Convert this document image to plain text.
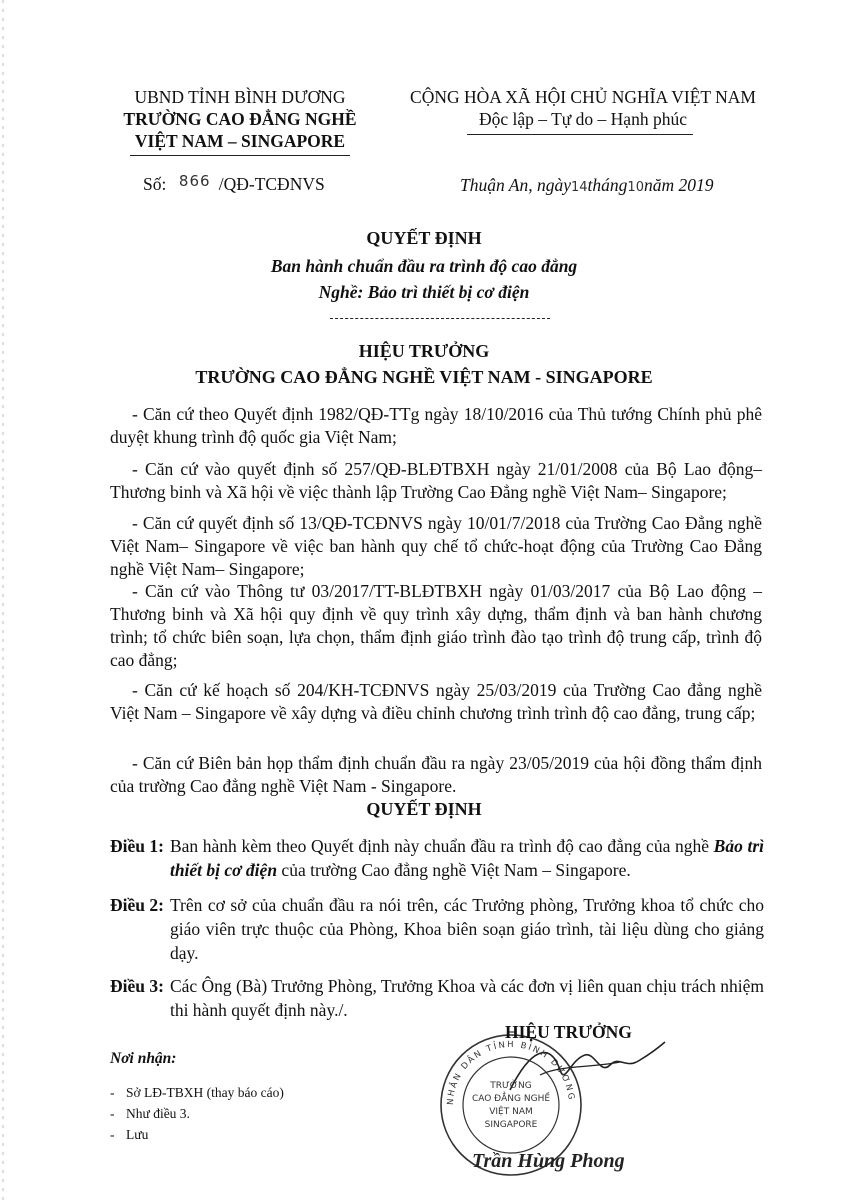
UBND TỈNH BÌNH DƯƠNG
TRƯỜNG CAO ĐẲNG NGHỀ
VIỆT NAM – SINGAPORE
CỘNG HÒA XÃ HỘI CHỦ NGHĨA VIỆT NAM
Độc lập – Tự do – Hạnh phúc
Số: 866 /QĐ-TCĐNVS	Thuận An, ngày14tháng10năm 2019
QUYẾT ĐỊNH
Ban hành chuẩn đầu ra trình độ cao đẳng
Nghề: Bảo trì thiết bị cơ điện
HIỆU TRƯỞNG
TRƯỜNG CAO ĐẲNG NGHỀ VIỆT NAM - SINGAPORE

- Căn cứ theo Quyết định 1982/QĐ-TTg ngày 18/10/2016 của Thủ tướng Chính phủ phê duyệt khung trình độ quốc gia Việt Nam;

- Căn cứ vào quyết định số 257/QĐ-BLĐTBXH ngày 21/01/2008 của Bộ Lao động– Thương binh và Xã hội về việc thành lập Trường Cao Đẳng nghề Việt Nam– Singapore;

- Căn cứ quyết định số 13/QĐ-TCĐNVS ngày 10/01/7/2018 của Trường Cao Đẳng nghề Việt Nam– Singapore về việc ban hành quy chế tổ chức-hoạt động của Trường Cao Đẳng nghề Việt Nam– Singapore;

- Căn cứ vào Thông tư 03/2017/TT-BLĐTBXH ngày 01/03/2017 của Bộ Lao động – Thương binh và Xã hội quy định về quy trình xây dựng, thẩm định và ban hành chương trình; tổ chức biên soạn, lựa chọn, thẩm định giáo trình đào tạo trình độ trung cấp, trình độ cao đẳng;

- Căn cứ kế hoạch số 204/KH-TCĐNVS ngày 25/03/2019 của Trường Cao đẳng nghề Việt Nam – Singapore về xây dựng và điều chỉnh chương trình trình độ cao đẳng, trung cấp;

- Căn cứ Biên bản họp thẩm định chuẩn đầu ra ngày 23/05/2019 của hội đồng thẩm định của trường Cao đẳng nghề Việt Nam - Singapore.

QUYẾT ĐỊNH
Điều 1: Ban hành kèm theo Quyết định này chuẩn đầu ra trình độ cao đẳng của nghề Bảo trì thiết bị cơ điện của trường Cao đẳng nghề Việt Nam – Singapore.
Điều 2: Trên cơ sở của chuẩn đầu ra nói trên, các Trưởng phòng, Trưởng khoa tổ chức cho giáo viên trực thuộc của Phòng, Khoa biên soạn giáo trình, tài liệu dùng cho giảng dạy.
Điều 3: Các Ông (Bà) Trưởng Phòng, Trưởng Khoa và các đơn vị liên quan chịu trách nhiệm thi hành quyết định này./.
Nơi nhận:
- Sở LĐ-TBXH (thay báo cáo)
- Như điều 3.
- Lưu
NHÂN DÂN TỈNH BÌNH DƯƠNG
TRƯỜNG
CAO ĐẲNG NGHỀ
VIỆT NAM
SINGAPORE
HIỆU TRƯỞNG
Trần Hùng Phong
